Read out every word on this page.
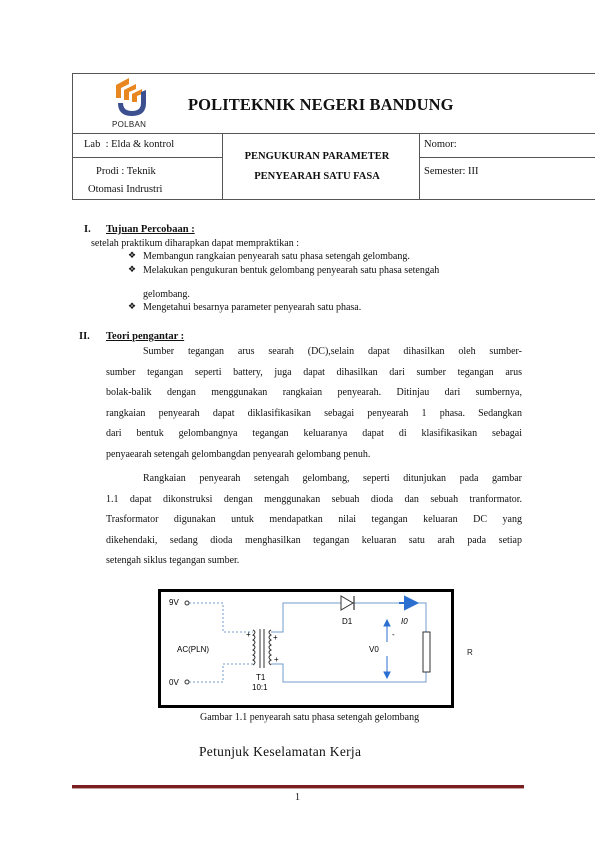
POLBAN
POLITEKNIK NEGERI BANDUNG
Lab : Elda & kontrol
Prodi : Teknik
Otomasi Indrustri
PENGUKURAN PARAMETER
PENYEARAH SATU FASA
Nomor:
Semester: III
I. Tujuan Percobaan :
setelah praktikum diharapkan dapat mempraktikan :
❖ Membangun rangkaian penyearah satu phasa setengah gelombang.
❖ Melakukan pengukuran bentuk gelombang penyearah satu phasa setengah
gelombang.
❖ Mengetahui besarnya parameter penyearah satu phasa.
II. Teori pengantar :
Sumber tegangan arus searah (DC),selain dapat dihasilkan oleh sumber-
sumber tegangan seperti battery, juga dapat dihasilkan dari sumber tegangan arus
bolak-balik dengan menggunakan rangkaian penyearah. Ditinjau dari sumbernya,
rangkaian penyearah dapat diklasifikasikan sebagai penyearah 1 phasa. Sedangkan
dari bentuk gelombangnya tegangan keluaranya dapat di klasifikasikan sebagai
penyaearah setengah gelombangdan penyearah gelombang penuh.
Rangkaian penyearah setengah gelombang, seperti ditunjukan pada gambar
1.1 dapat dikonstruksi dengan menggunakan sebuah dioda dan sebuah tranformator.
Trasformator digunakan untuk mendapatkan nilai tegangan keluaran DC yang
dikehendaki, sedang dioda menghasilkan tegangan keluaran satu arah pada setiap
setengah siklus tegangan sumber.
9V
0V
AC(PLN)
+	+
+
T1
10:1
D1	I0
-
V0	R
Gambar 1.1 penyearah satu phasa setengah gelombang
Petunjuk Keselamatan Kerja
1
